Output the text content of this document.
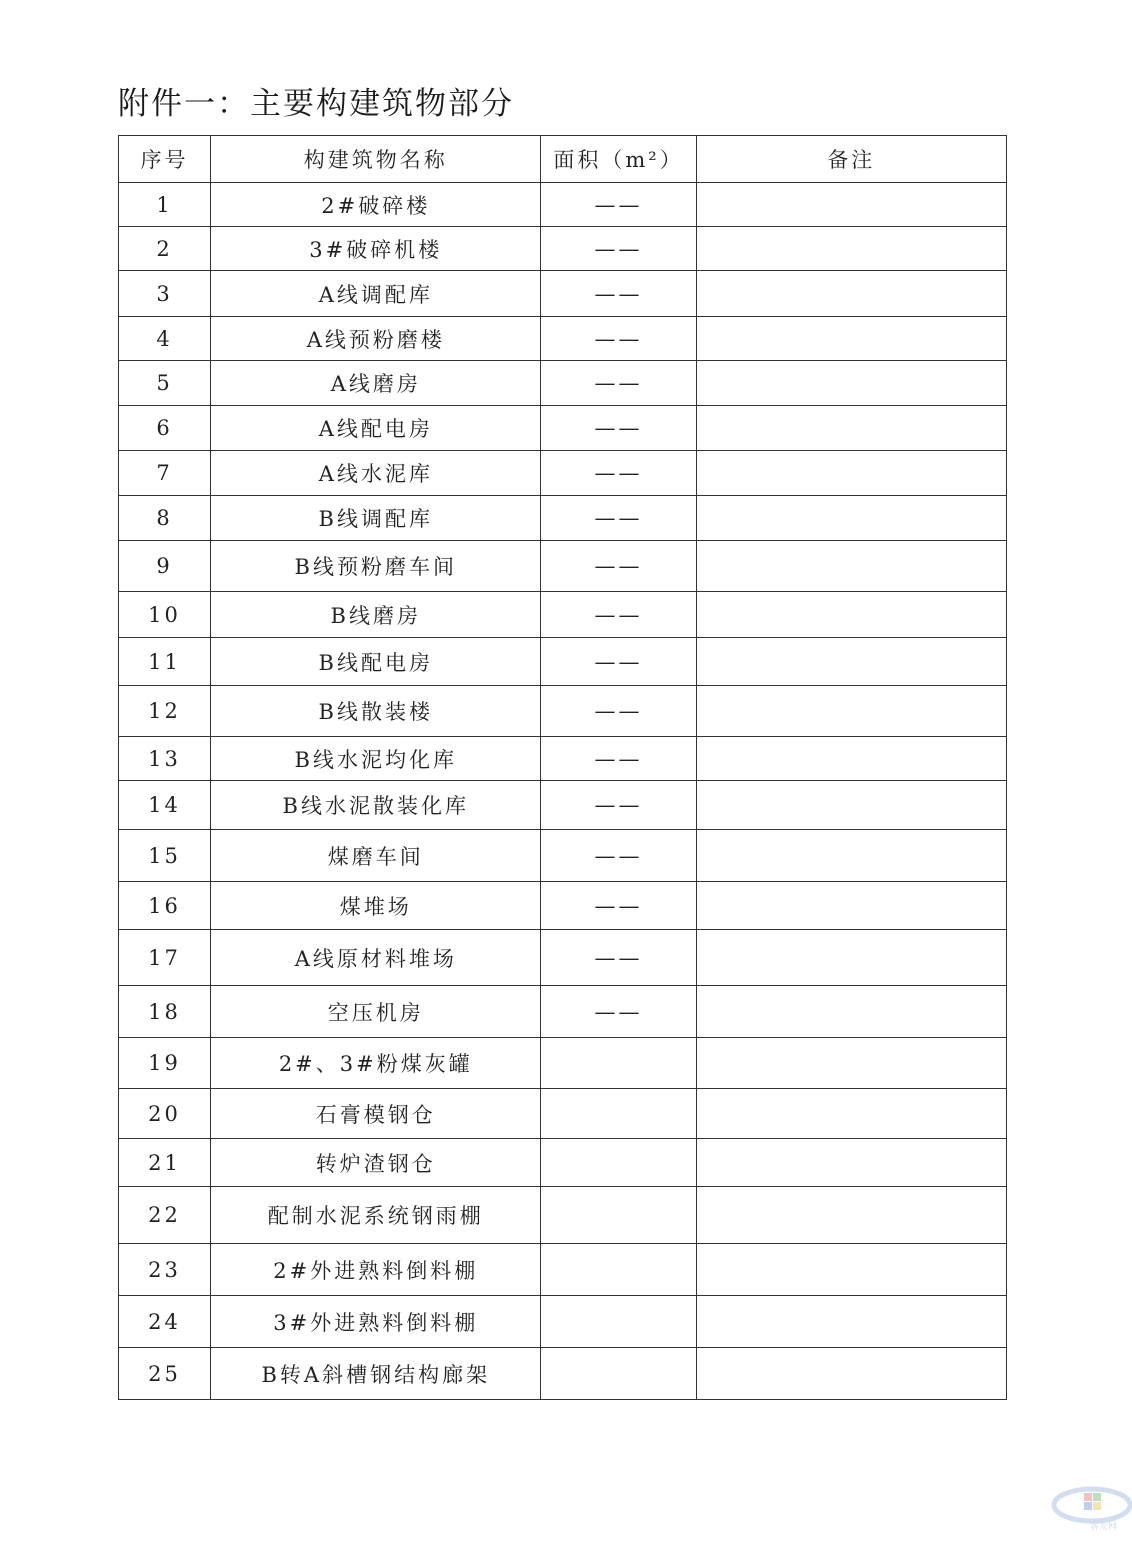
附件一：主要构建筑物部分
序号	构建筑物名称	面积（m²）	备注
1	2#破碎楼	——	
2	3#破碎机楼	——	
3	A线调配库	——	
4	A线预粉磨楼	——	
5	A线磨房	——	
6	A线配电房	——	
7	A线水泥库	——	
8	B线调配库	——	
9	B线预粉磨车间	——	
10	B线磨房	——	
11	B线配电房	——	
12	B线散装楼	——	
13	B线水泥均化库	——	
14	B线水泥散装化库	——	
15	煤磨车间	——	
16	煤堆场	——	
17	A线原材料堆场	——	
18	空压机房	——	
19	2#、3#粉煤灰罐		
20	石膏模钢仓		
21	转炉渣钢仓		
22	配制水泥系统钢雨棚		
23	2#外进熟料倒料棚		
24	3#外进熟料倒料棚		
25	B转A斜槽钢结构廊架		
客友网
